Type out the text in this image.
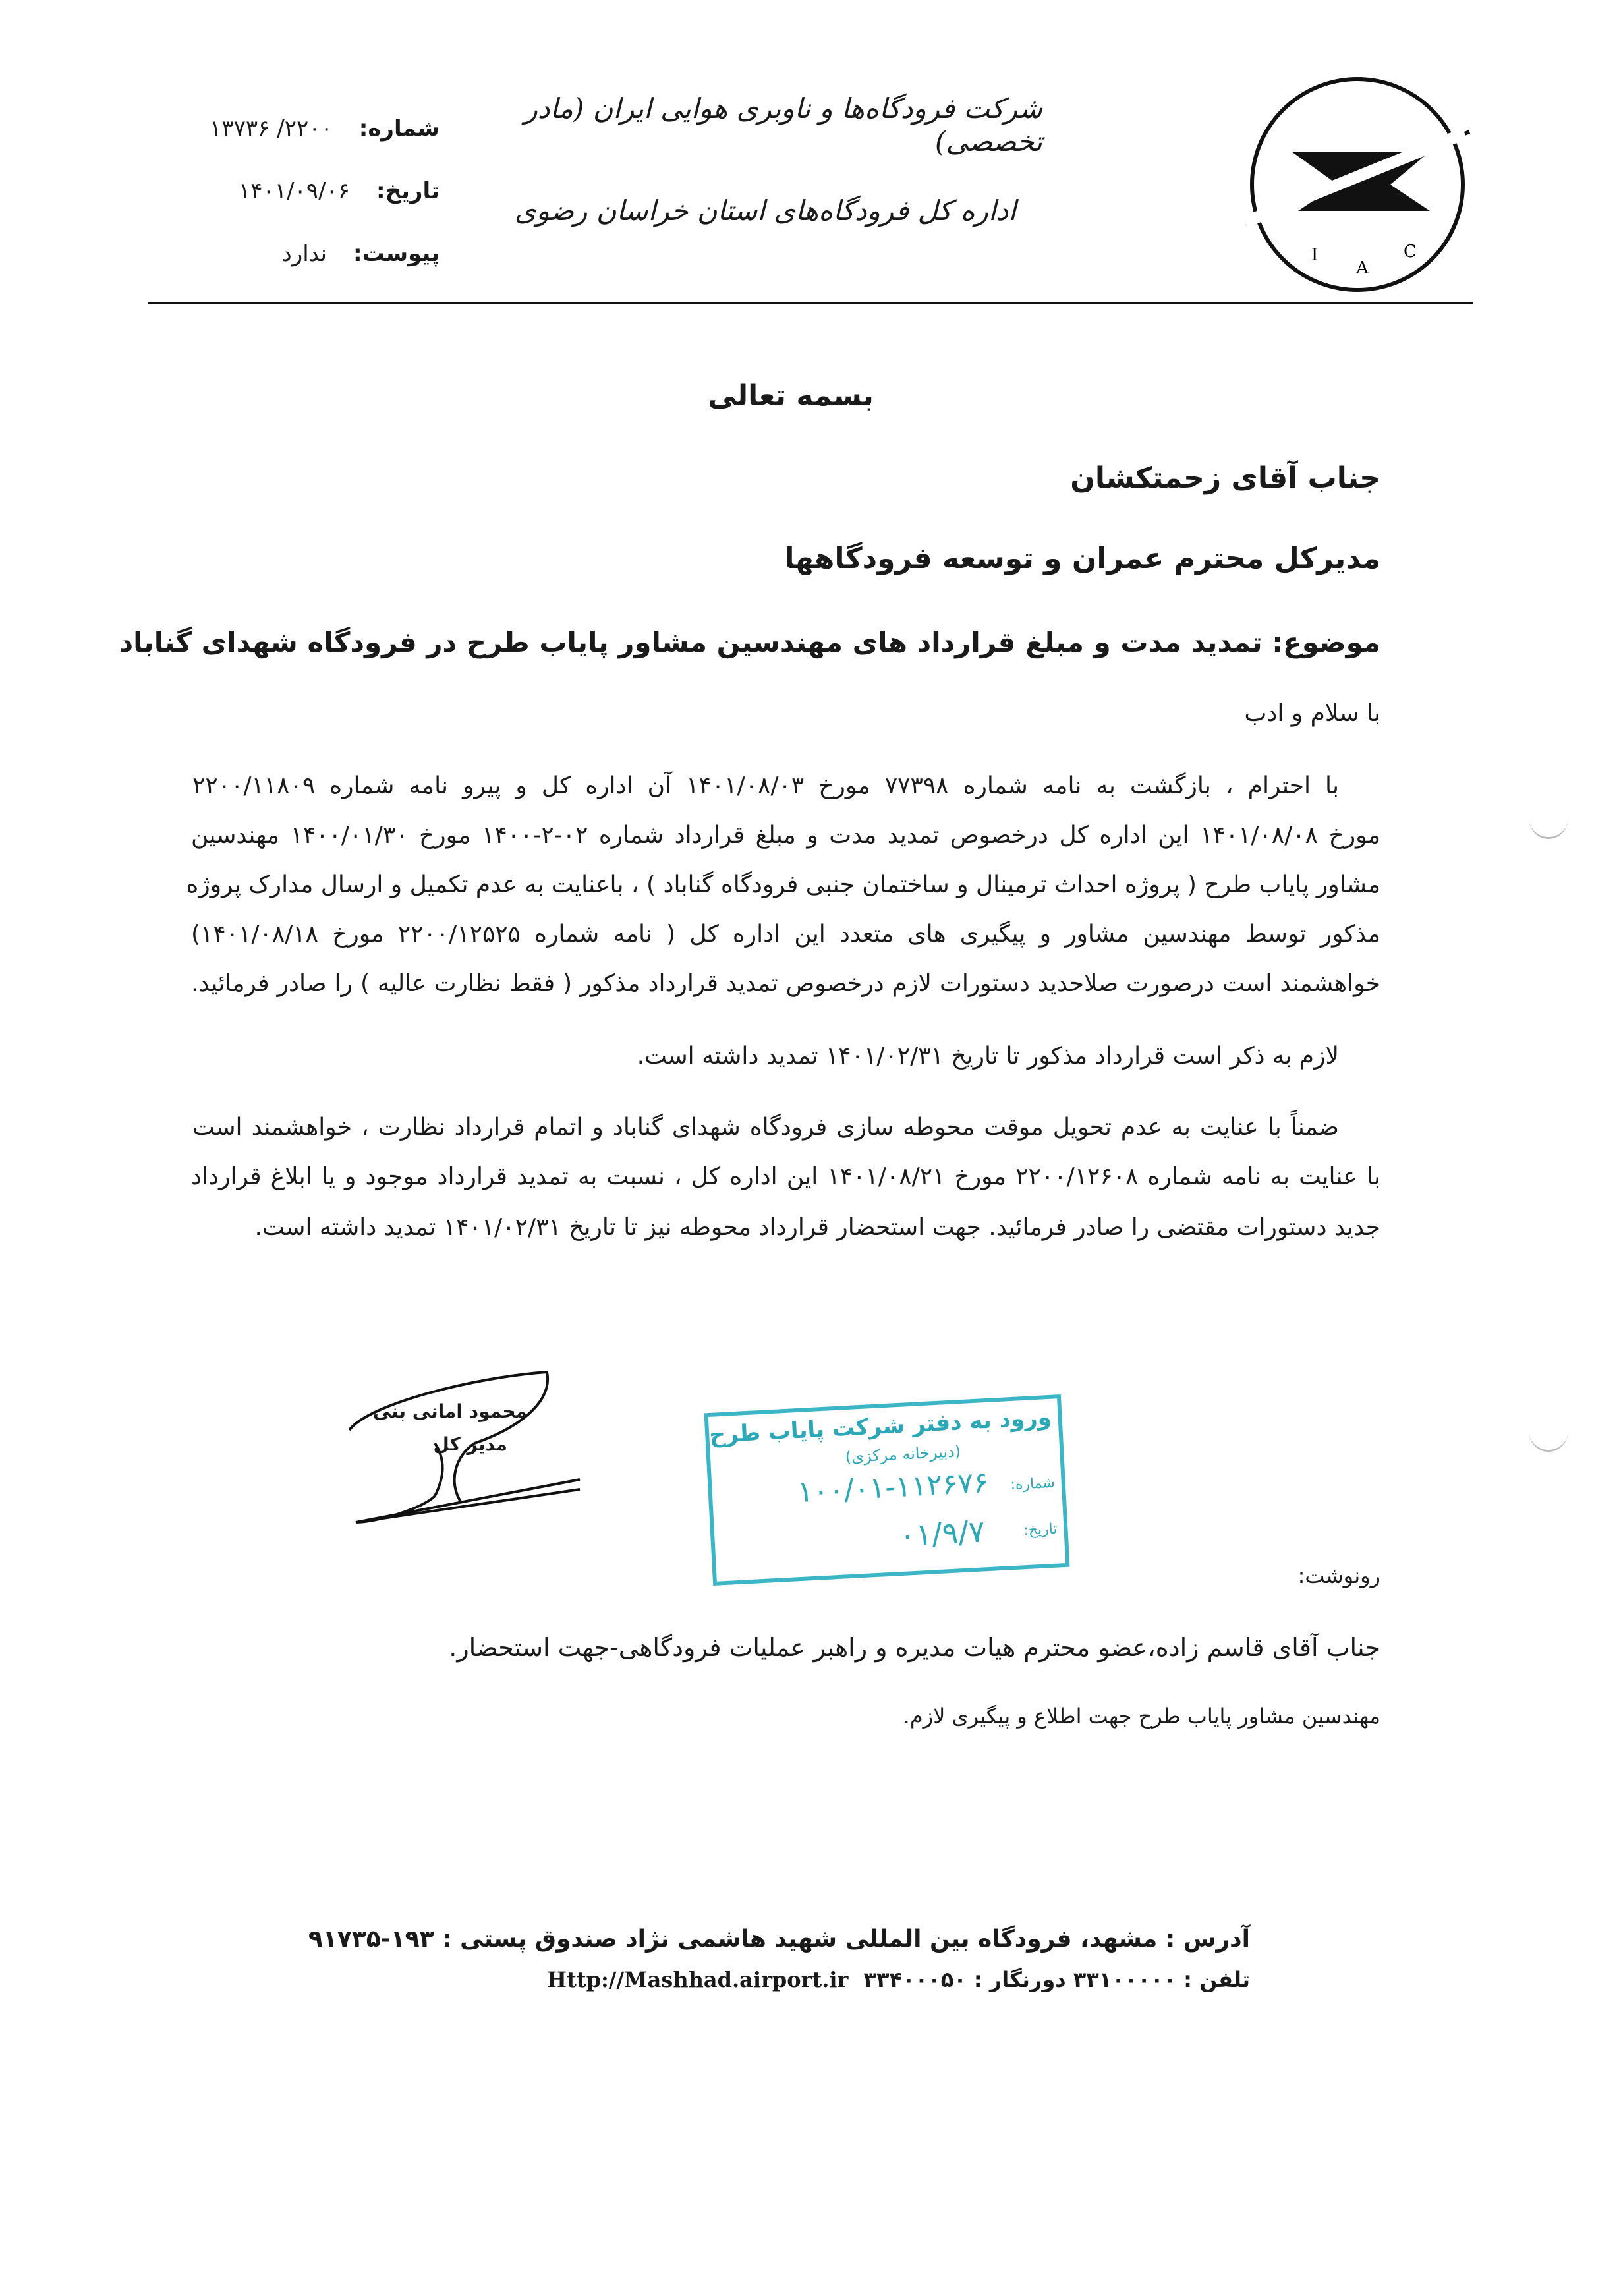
I
A
C
شرکت فرودگاه‌ها و ناوبری هوایی ایران (مادر تخصصی)
اداره کل فرودگاه‌های استان خراسان رضوی
شماره:۲۲۰۰/ ۱۳۷۳۶
تاریخ:۱۴۰۱/۰۹/۰۶
پیوست:ندارد
بسمه تعالی
جناب آقای زحمتکشان
مدیرکل محترم عمران و توسعه فرودگاهها
موضوع: تمدید مدت و مبلغ قرارداد های مهندسین مشاور پایاب طرح در فرودگاه شهدای گناباد
با سلام و ادب
با احترام ، بازگشت به نامه شماره ۷۷۳۹۸ مورخ ۱۴۰۱/۰۸/۰۳ آن اداره کل و پیرو نامه شماره ۲۲۰۰/۱۱۸۰۹
مورخ ۱۴۰۱/۰۸/۰۸ این اداره کل درخصوص تمدید مدت و مبلغ قرارداد شماره ۰۲-۲-۱۴۰۰ مورخ ۱۴۰۰/۰۱/۳۰ مهندسین
مشاور پایاب طرح ( پروژه احداث ترمینال و ساختمان جنبی فرودگاه گناباد ) ، باعنایت به عدم تکمیل و ارسال مدارک پروژه
مذکور توسط مهندسین مشاور و پیگیری های متعدد این اداره کل ( نامه شماره ۲۲۰۰/۱۲۵۲۵ مورخ ۱۴۰۱/۰۸/۱۸)
خواهشمند است درصورت صلاحدید دستورات لازم درخصوص تمدید قرارداد مذکور ( فقط نظارت عالیه ) را صادر فرمائید.
لازم به ذکر است قرارداد مذکور تا تاریخ ۱۴۰۱/۰۲/۳۱ تمدید داشته است.
ضمناً با عنایت به عدم تحویل موقت محوطه سازی فرودگاه شهدای گناباد و اتمام قرارداد نظارت ، خواهشمند است
با عنایت به نامه شماره ۲۲۰۰/۱۲۶۰۸ مورخ ۱۴۰۱/۰۸/۲۱ این اداره کل ، نسبت به تمدید قرارداد موجود و یا ابلاغ قرارداد
جدید دستورات مقتضی را صادر فرمائید. جهت استحضار قرارداد محوطه نیز تا تاریخ ۱۴۰۱/۰۲/۳۱ تمدید داشته است.
محمود امانی بنی
مدیر کل	ورود به دفتر شرکت پایاب طرح
(دبیرخانه مرکزی)
شماره:
۱۰۰/۰۱-۱۱۲۶۷۶
تاریخ:
۰۱/۹/۷
رونوشت:
جناب آقای قاسم زاده،عضو محترم هیات مدیره و راهبر عملیات فرودگاهی-جهت استحضار.
مهندسین مشاور پایاب طرح جهت اطلاع و پیگیری لازم.
آدرس : مشهد، فرودگاه بین المللی شهید هاشمی نژاد صندوق پستی : ۱۹۳-۹۱۷۳۵
تلفن : ۳۳۱۰۰۰۰۰ دورنگار : ۳۳۴۰۰۰۵۰ Http://Mashhad.airport.ir
